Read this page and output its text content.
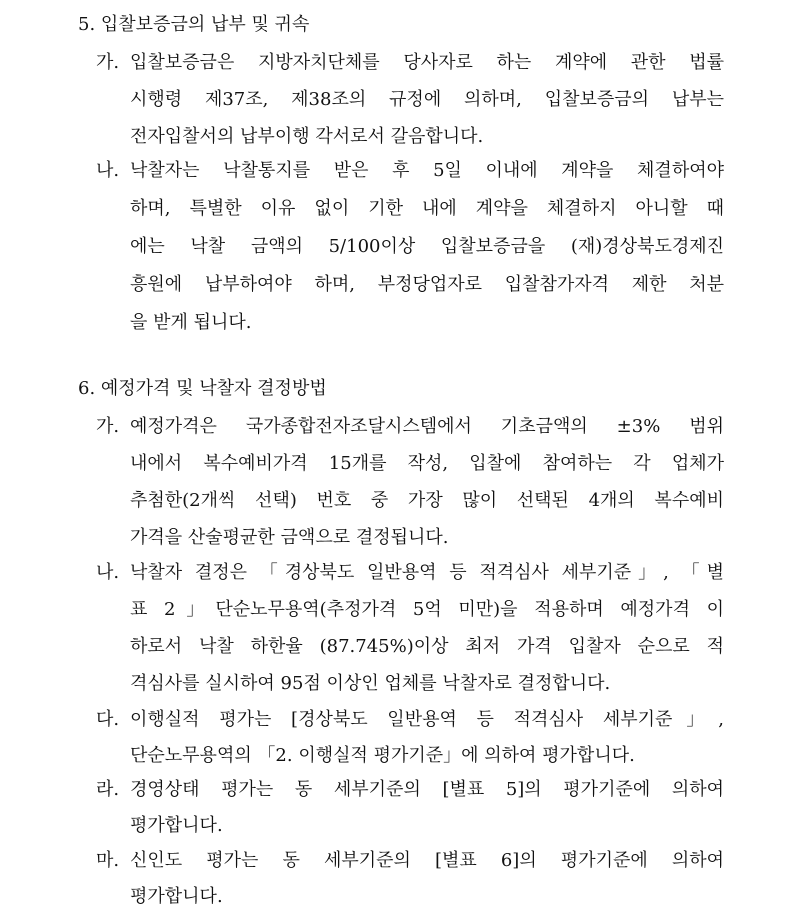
5. 입찰보증금의 납부 및 귀속
가. 입찰보증금은 지방자치단체를 당사자로 하는 계약에 관한 법률
시행령 제37조, 제38조의 규정에 의하며, 입찰보증금의 납부는
전자입찰서의 납부이행 각서로서 갈음합니다.
나. 낙찰자는 낙찰통지를 받은 후 5일 이내에 계약을 체결하여야
하며, 특별한 이유 없이 기한 내에 계약을 체결하지 아니할 때
에는 낙찰 금액의 5/100이상 입찰보증금을 (재)경상북도경제진
흥원에 납부하여야 하며, 부정당업자로 입찰참가자격 제한 처분
을 받게 됩니다.
6. 예정가격 및 낙찰자 결정방법
가. 예정가격은 국가종합전자조달시스템에서 기초금액의 ±3% 범위
내에서 복수예비가격 15개를 작성, 입찰에 참여하는 각 업체가
추첨한(2개씩 선택) 번호 중 가장 많이 선택된 4개의 복수예비
가격을 산술평균한 금액으로 결정됩니다.
나. 낙찰자 결정은 「경상북도 일반용역 등 적격심사 세부기준」, 「별
표 2」단순노무용역(추정가격 5억 미만)을 적용하며 예정가격 이
하로서 낙찰 하한율 (87.745%)이상 최저 가격 입찰자 순으로 적
격심사를 실시하여 95점 이상인 업체를 낙찰자로 결정합니다.
다. 이행실적 평가는 [경상북도 일반용역 등 적격심사 세부기준」,
단순노무용역의 「2. 이행실적 평가기준」에 의하여 평가합니다.
라. 경영상태 평가는 동 세부기준의 [별표 5]의 평가기준에 의하여
평가합니다.
마. 신인도 평가는 동 세부기준의 [별표 6]의 평가기준에 의하여
평가합니다.
